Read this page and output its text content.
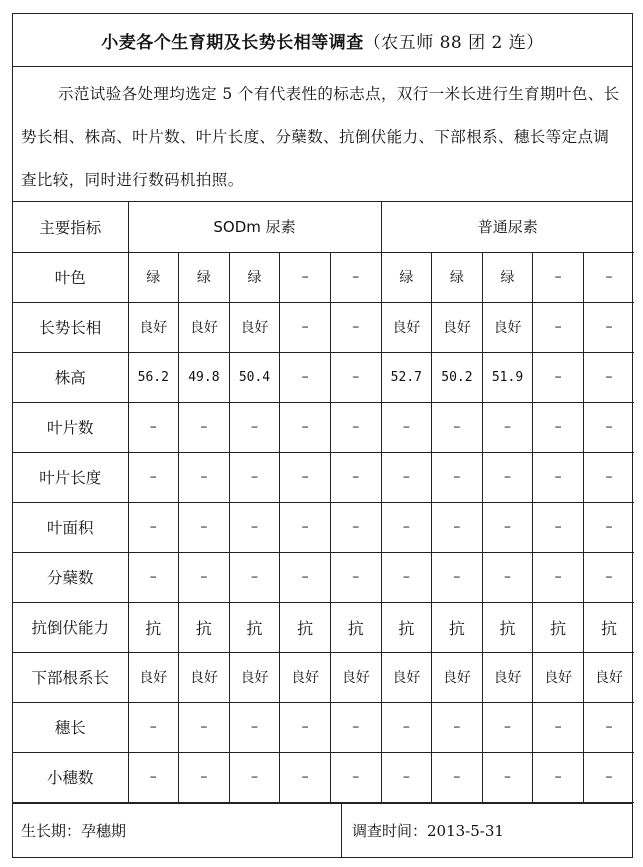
小麦各个生育期及长势长相等调查 （农五师 88 团 2 连）
示范试验各处理均选定 5 个有代表性的标志点，双行一米长进行生育期叶色、长势长相、株高、叶片数、叶片长度、分蘖数、抗倒伏能力、下部根系、穗长等定点调查比较，同时进行数码机拍照。
主要指标	SODm 尿素					普通尿素				
叶色	绿	绿	绿	–	–	绿	绿	绿	–	–
长势长相	良好	良好	良好	–	–	良好	良好	良好	–	–
株高	56.2	49.8	50.4	–	–	52.7	50.2	51.9	–	–
叶片数	–	–	–	–	–	–	–	–	–	–
叶片长度	–	–	–	–	–	–	–	–	–	–
叶面积	–	–	–	–	–	–	–	–	–	–
分蘖数	–	–	–	–	–	–	–	–	–	–
抗倒伏能力	抗	抗	抗	抗	抗	抗	抗	抗	抗	抗
下部根系长	良好	良好	良好	良好	良好	良好	良好	良好	良好	良好
穗长	–	–	–	–	–	–	–	–	–	–
小穗数	–	–	–	–	–	–	–	–	–	–
生长期：孕穗期	调查时间：2013-5-31
